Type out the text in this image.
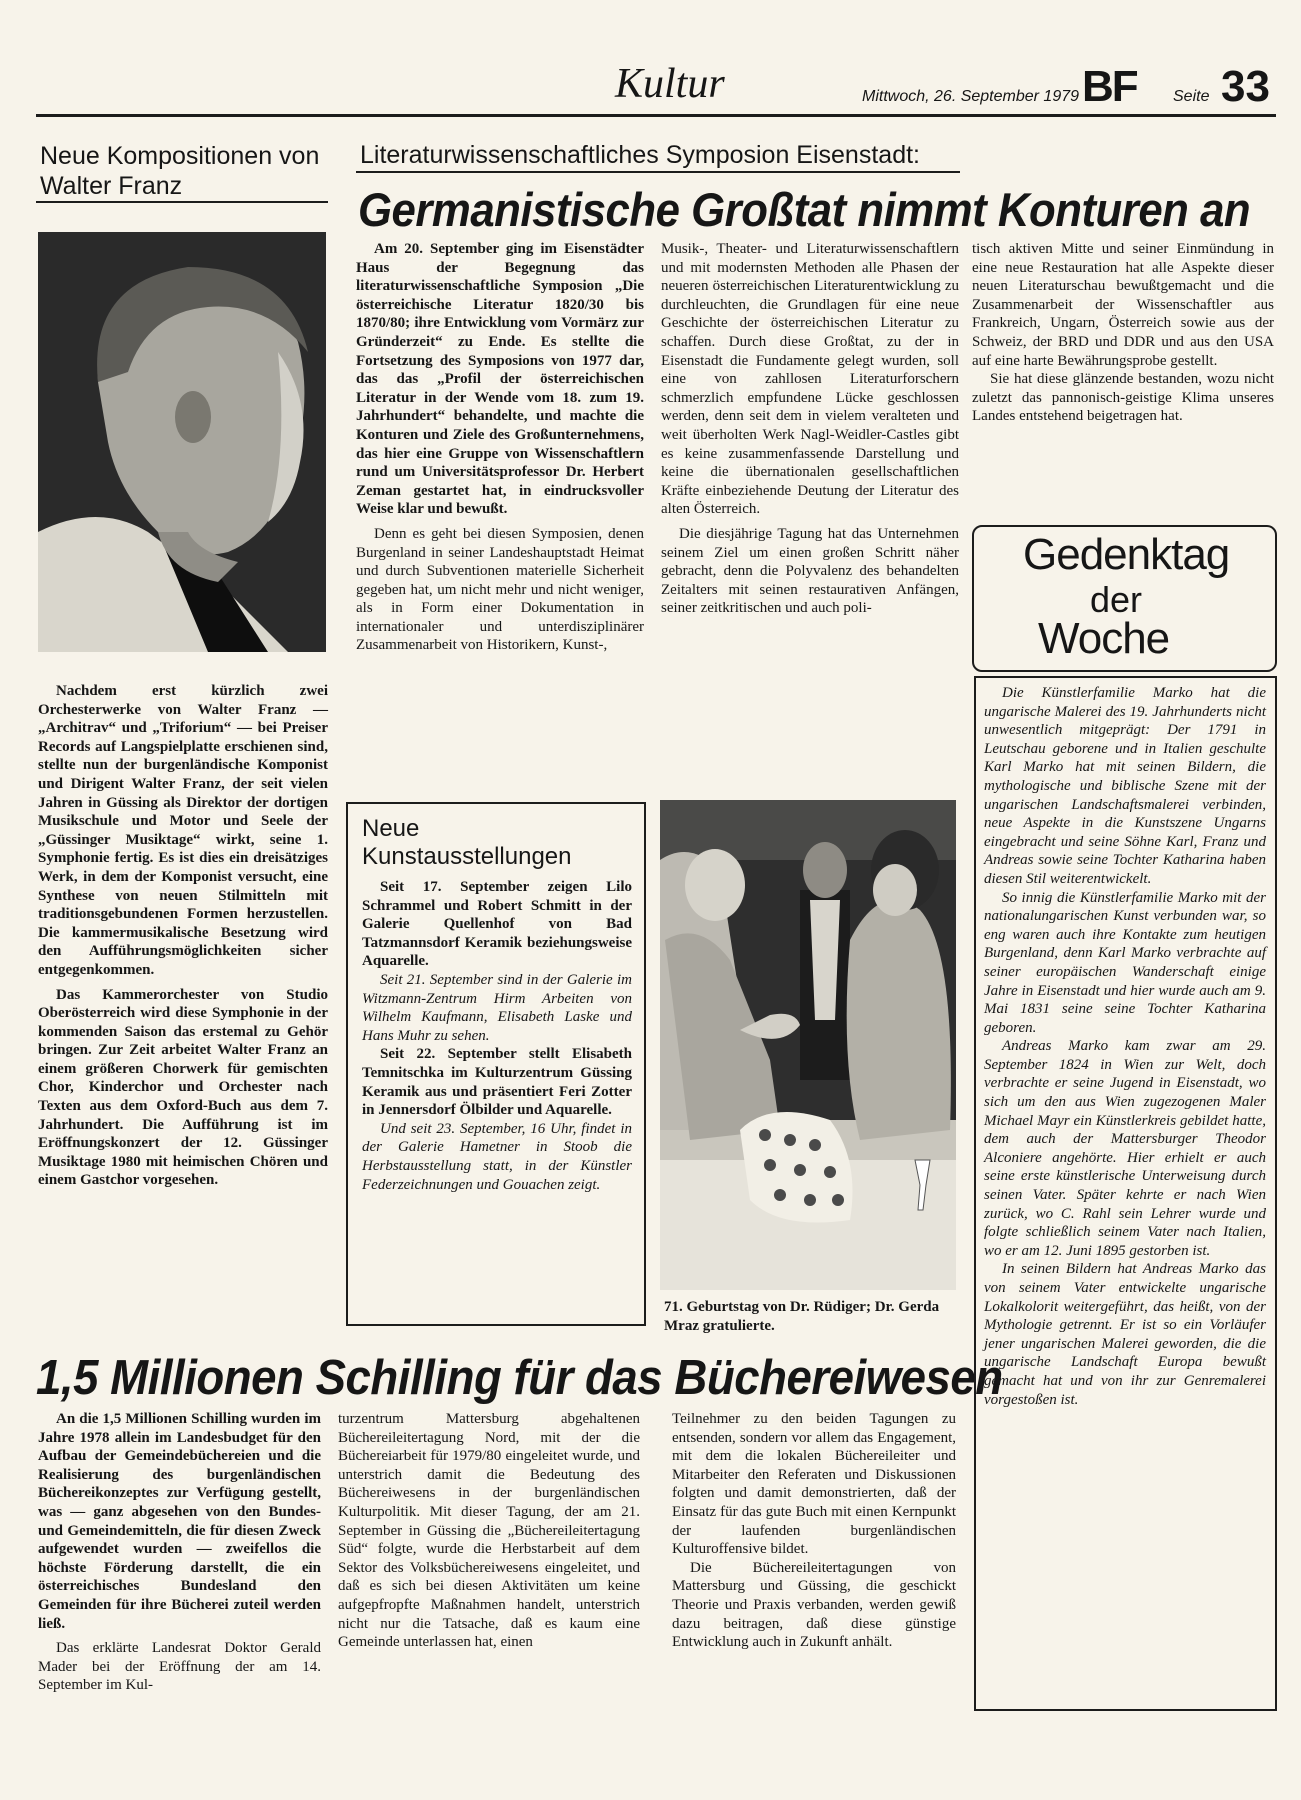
Kultur	Mittwoch, 26. September 1979 BF Seite 33
Neue Kompositionen von Walter Franz

Nachdem erst kürzlich zwei Orchesterwerke von Walter Franz — „Architrav“ und „Triforium“ — bei Preiser Records auf Langspielplatte erschienen sind, stellte nun der burgenländische Komponist und Dirigent Walter Franz, der seit vielen Jahren in Güssing als Direktor der dortigen Musikschule und Motor und Seele der „Güssinger Musiktage“ wirkt, seine 1. Symphonie fertig. Es ist dies ein dreisätziges Werk, in dem der Komponist versucht, eine Synthese von neuen Stilmitteln mit traditionsgebundenen Formen herzustellen. Die kammermusikalische Besetzung wird den Aufführungsmöglichkeiten sicher entgegenkommen.

Das Kammerorchester von Studio Oberösterreich wird diese Symphonie in der kommenden Saison das erstemal zu Gehör bringen. Zur Zeit arbeitet Walter Franz an einem größeren Chorwerk für gemischten Chor, Kinderchor und Orchester nach Texten aus dem Oxford-Buch aus dem 7. Jahrhundert. Die Aufführung ist im Eröffnungskonzert der 12. Güssinger Musiktage 1980 mit heimischen Chören und einem Gastchor vorgesehen.

Literaturwissenschaftliches Symposion Eisenstadt:
Germanistische Großtat nimmt Konturen an

Am 20. September ging im Eisenstädter Haus der Begegnung das literaturwissenschaftliche Symposion „Die österreichische Literatur 1820/30 bis 1870/80; ihre Entwicklung vom Vormärz zur Gründerzeit“ zu Ende. Es stellte die Fortsetzung des Symposions von 1977 dar, das das „Profil der österreichischen Literatur in der Wende vom 18. zum 19. Jahrhundert“ behandelte, und machte die Konturen und Ziele des Großunternehmens, das hier eine Gruppe von Wissenschaftlern rund um Universitätsprofessor Dr. Herbert Zeman gestartet hat, in eindrucksvoller Weise klar und bewußt.

Denn es geht bei diesen Symposien, denen Burgenland in seiner Landeshauptstadt Heimat und durch Subventionen materielle Sicherheit gegeben hat, um nicht mehr und nicht weniger, als in Form einer Dokumentation in internationaler und unterdisziplinärer Zusammenarbeit von Historikern, Kunst-,

Musik-, Theater- und Literaturwissenschaftlern und mit modernsten Methoden alle Phasen der neueren österreichischen Literaturentwicklung zu durchleuchten, die Grundlagen für eine neue Geschichte der österreichischen Literatur zu schaffen. Durch diese Großtat, zu der in Eisenstadt die Fundamente gelegt wurden, soll eine von zahllosen Literaturforschern schmerzlich empfundene Lücke geschlossen werden, denn seit dem in vielem veralteten und weit überholten Werk Nagl-Weidler-Castles gibt es keine zusammenfassende Darstellung und keine die übernationalen gesellschaftlichen Kräfte einbeziehende Deutung der Literatur des alten Österreich.

Die diesjährige Tagung hat das Unternehmen seinem Ziel um einen großen Schritt näher gebracht, denn die Polyvalenz des behandelten Zeitalters mit seinen restaurativen Anfängen, seiner zeitkritischen und auch poli-

tisch aktiven Mitte und seiner Einmündung in eine neue Restauration hat alle Aspekte dieser neuen Literaturschau bewußtgemacht und die Zusammenarbeit der Wissenschaftler aus Frankreich, Ungarn, Österreich sowie aus der Schweiz, der BRD und DDR und aus den USA auf eine harte Bewährungsprobe gestellt.

Sie hat diese glänzende bestanden, wozu nicht zuletzt das pannonisch-geistige Klima unseres Landes entstehend beigetragen hat.

Neue Kunstausstellungen

Seit 17. September zeigen Lilo Schrammel und Robert Schmitt in der Galerie Quellenhof von Bad Tatzmannsdorf Keramik beziehungsweise Aquarelle.

Seit 21. September sind in der Galerie im Witzmann-Zentrum Hirm Arbeiten von Wilhelm Kaufmann, Elisabeth Laske und Hans Muhr zu sehen.

Seit 22. September stellt Elisabeth Temnitschka im Kulturzentrum Güssing Keramik aus und präsentiert Feri Zotter in Jennersdorf Ölbilder und Aquarelle.

Und seit 23. September, 16 Uhr, findet in der Galerie Hametner in Stoob die Herbstausstellung statt, in der Künstler Federzeichnungen und Gouachen zeigt.

71. Geburtstag von Dr. Rüdiger; Dr. Gerda Mraz gratulierte.
Gedenktag
der
Woche

Die Künstlerfamilie Marko hat die ungarische Malerei des 19. Jahrhunderts nicht unwesentlich mitgeprägt: Der 1791 in Leutschau geborene und in Italien geschulte Karl Marko hat mit seinen Bildern, die mythologische und biblische Szene mit der ungarischen Landschaftsmalerei verbinden, neue Aspekte in die Kunstszene Ungarns eingebracht und seine Söhne Karl, Franz und Andreas sowie seine Tochter Katharina haben diesen Stil weiterentwickelt.

So innig die Künstlerfamilie Marko mit der nationalungarischen Kunst verbunden war, so eng waren auch ihre Kontakte zum heutigen Burgenland, denn Karl Marko verbrachte auf seiner europäischen Wanderschaft einige Jahre in Eisenstadt und hier wurde auch am 9. Mai 1831 seine seine Tochter Katharina geboren.

Andreas Marko kam zwar am 29. September 1824 in Wien zur Welt, doch verbrachte er seine Jugend in Eisenstadt, wo sich um den aus Wien zugezogenen Maler Michael Mayr ein Künstlerkreis gebildet hatte, dem auch der Mattersburger Theodor Alconiere angehörte. Hier erhielt er auch seine erste künstlerische Unterweisung durch seinen Vater. Später kehrte er nach Wien zurück, wo C. Rahl sein Lehrer wurde und folgte schließlich seinem Vater nach Italien, wo er am 12. Juni 1895 gestorben ist.

In seinen Bildern hat Andreas Marko das von seinem Vater entwickelte ungarische Lokalkolorit weitergeführt, das heißt, von der Mythologie getrennt. Er ist so ein Vorläufer jener ungarischen Malerei geworden, die die ungarische Landschaft Europa bewußt gemacht hat und von ihr zur Genremalerei vorgestoßen ist.

1,5 Millionen Schilling für das Büchereiwesen

An die 1,5 Millionen Schilling wurden im Jahre 1978 allein im Landesbudget für den Aufbau der Gemeindebüchereien und die Realisierung des burgenländischen Büchereikonzeptes zur Verfügung gestellt, was — ganz abgesehen von den Bundes- und Gemeindemitteln, die für diesen Zweck aufgewendet wurden — zweifellos die höchste Förderung darstellt, die ein österreichisches Bundesland den Gemeinden für ihre Bücherei zuteil werden ließ.

Das erklärte Landesrat Doktor Gerald Mader bei der Eröffnung der am 14. September im Kul-

turzentrum Mattersburg abgehaltenen Büchereileitertagung Nord, mit der die Büchereiarbeit für 1979/80 eingeleitet wurde, und unterstrich damit die Bedeutung des Büchereiwesens in der burgenländischen Kulturpolitik. Mit dieser Tagung, der am 21. September in Güssing die „Büchereileitertagung Süd“ folgte, wurde die Herbstarbeit auf dem Sektor des Volksbüchereiwesens eingeleitet, und daß es sich bei diesen Aktivitäten um keine aufgepfropfte Maßnahmen handelt, unterstrich nicht nur die Tatsache, daß es kaum eine Gemeinde unterlassen hat, einen

Teilnehmer zu den beiden Tagungen zu entsenden, sondern vor allem das Engagement, mit dem die lokalen Büchereileiter und Mitarbeiter den Referaten und Diskussionen folgten und damit demonstrierten, daß der Einsatz für das gute Buch mit einen Kernpunkt der laufenden burgenländischen Kulturoffensive bildet.

Die Büchereileitertagungen von Mattersburg und Güssing, die geschickt Theorie und Praxis verbanden, werden gewiß dazu beitragen, daß diese günstige Entwicklung auch in Zukunft anhält.
